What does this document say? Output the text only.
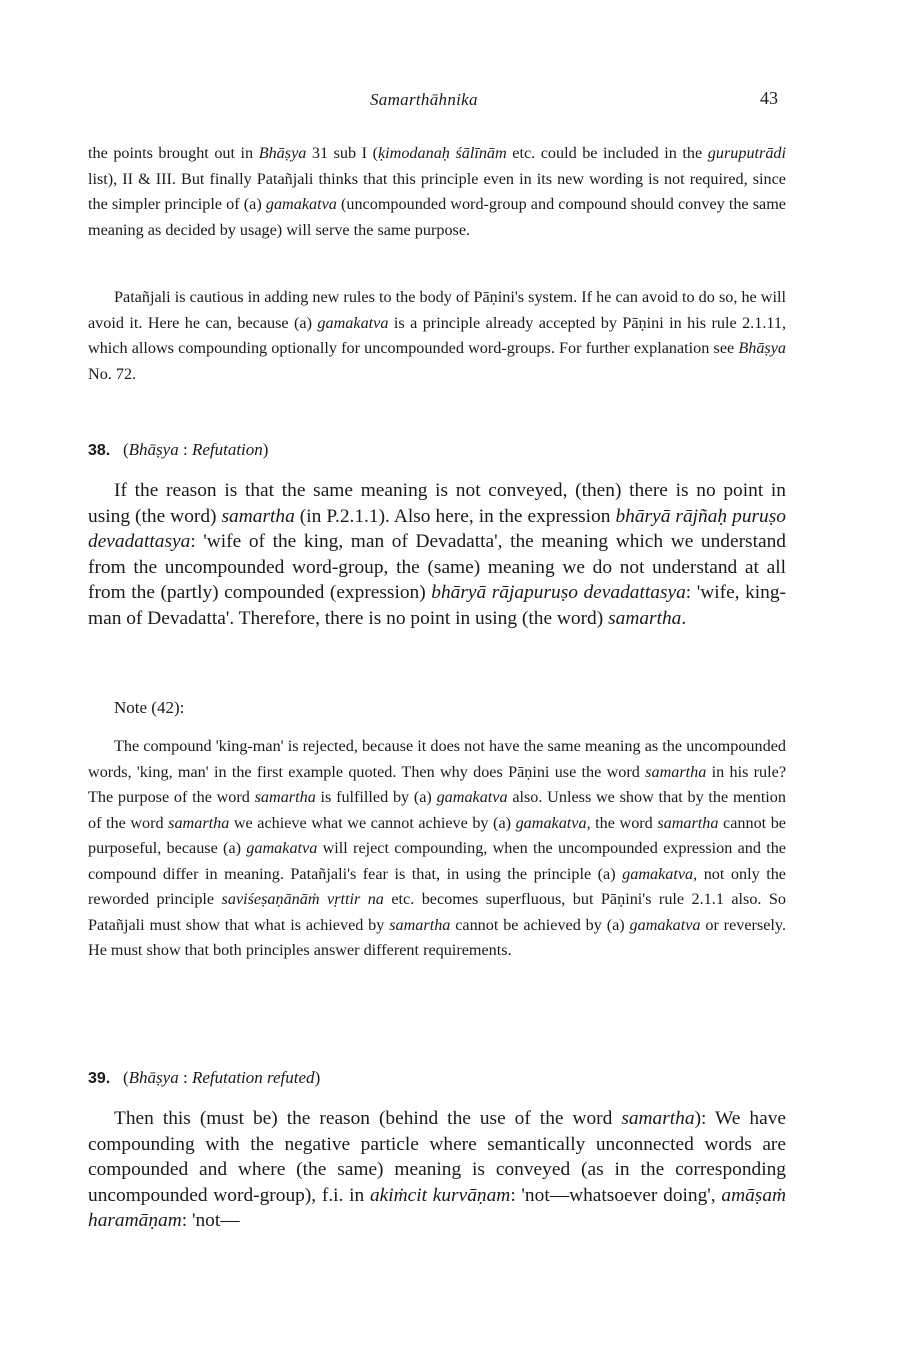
Samarthāhnika	43
the points brought out in Bhāṣya 31 sub I (ḳimodanaḥ śālīnām etc. could be included in the guruputrādi list), II & III. But finally Patañjali thinks that this principle even in its new wording is not required, since the simpler principle of (a) gamakatva (uncompounded word-group and compound should convey the same meaning as decided by usage) will serve the same purpose.
Patañjali is cautious in adding new rules to the body of Pāṇini's system. If he can avoid to do so, he will avoid it. Here he can, because (a) gamakatva is a principle already accepted by Pāṇini in his rule 2.1.11, which allows compounding optionally for uncompounded word-groups. For further explanation see Bhāṣya No. 72.
38. (Bhāṣya : Refutation)
If the reason is that the same meaning is not conveyed, (then) there is no point in using (the word) samartha (in P.2.1.1). Also here, in the expression bhāryā rājñaḥ puruṣo devadattasya: 'wife of the king, man of Devadatta', the meaning which we understand from the uncompounded word-group, the (same) meaning we do not understand at all from the (partly) compounded (expression) bhāryā rājapuruṣo devadattasya: 'wife, king-man of Devadatta'. Therefore, there is no point in using (the word) samartha.
Note (42):
The compound 'king-man' is rejected, because it does not have the same meaning as the uncompounded words, 'king, man' in the first example quoted. Then why does Pāṇini use the word samartha in his rule? The purpose of the word samartha is fulfilled by (a) gamakatva also. Unless we show that by the mention of the word samartha we achieve what we cannot achieve by (a) gamakatva, the word samartha cannot be purposeful, because (a) gamakatva will reject compounding, when the uncompounded expression and the compound differ in meaning. Patañjali's fear is that, in using the principle (a) gamakatva, not only the reworded principle saviśeṣaṇānāṁ vṛttir na etc. becomes superfluous, but Pāṇini's rule 2.1.1 also. So Patañjali must show that what is achieved by samartha cannot be achieved by (a) gamakatva or reversely. He must show that both principles answer different requirements.
39. (Bhāṣya : Refutation refuted)
Then this (must be) the reason (behind the use of the word samartha): We have compounding with the negative particle where semantically unconnected words are compounded and where (the same) meaning is conveyed (as in the corresponding uncompounded word-group), f.i. in akiṁcit kurvāṇam: 'not—whatsoever doing', amāṣaṁ haramāṇam: 'not—
